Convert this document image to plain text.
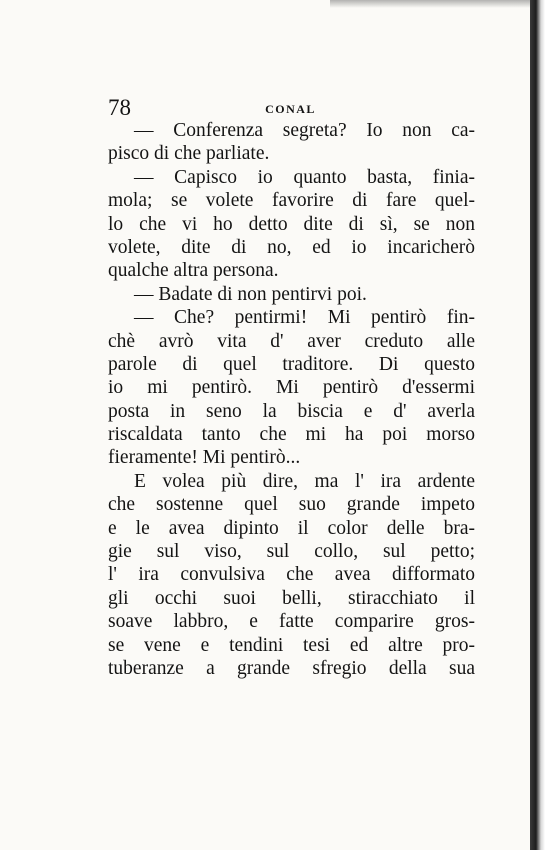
78	CONAL
— Conferenza segreta? Io non ca-
pisco di che parliate.
— Capisco io quanto basta, finia-
mola; se volete favorire di fare quel-
lo che vi ho detto dite di sì, se non
volete, dite di no, ed io incaricherò
qualche altra persona.
— Badate di non pentirvi poi.
— Che? pentirmi! Mi pentirò fin-
chè avrò vita d' aver creduto alle
parole di quel traditore. Di questo
io mi pentirò. Mi pentirò d'essermi
posta in seno la biscia e d' averla
riscaldata tanto che mi ha poi morso
fieramente! Mi pentirò...
E volea più dire, ma l' ira ardente
che sostenne quel suo grande impeto
e le avea dipinto il color delle bra-
gie sul viso, sul collo, sul petto;
l' ira convulsiva che avea difformato
gli occhi suoi belli, stiracchiato il
soave labbro, e fatte comparire gros-
se vene e tendini tesi ed altre pro-
tuberanze a grande sfregio della sua
